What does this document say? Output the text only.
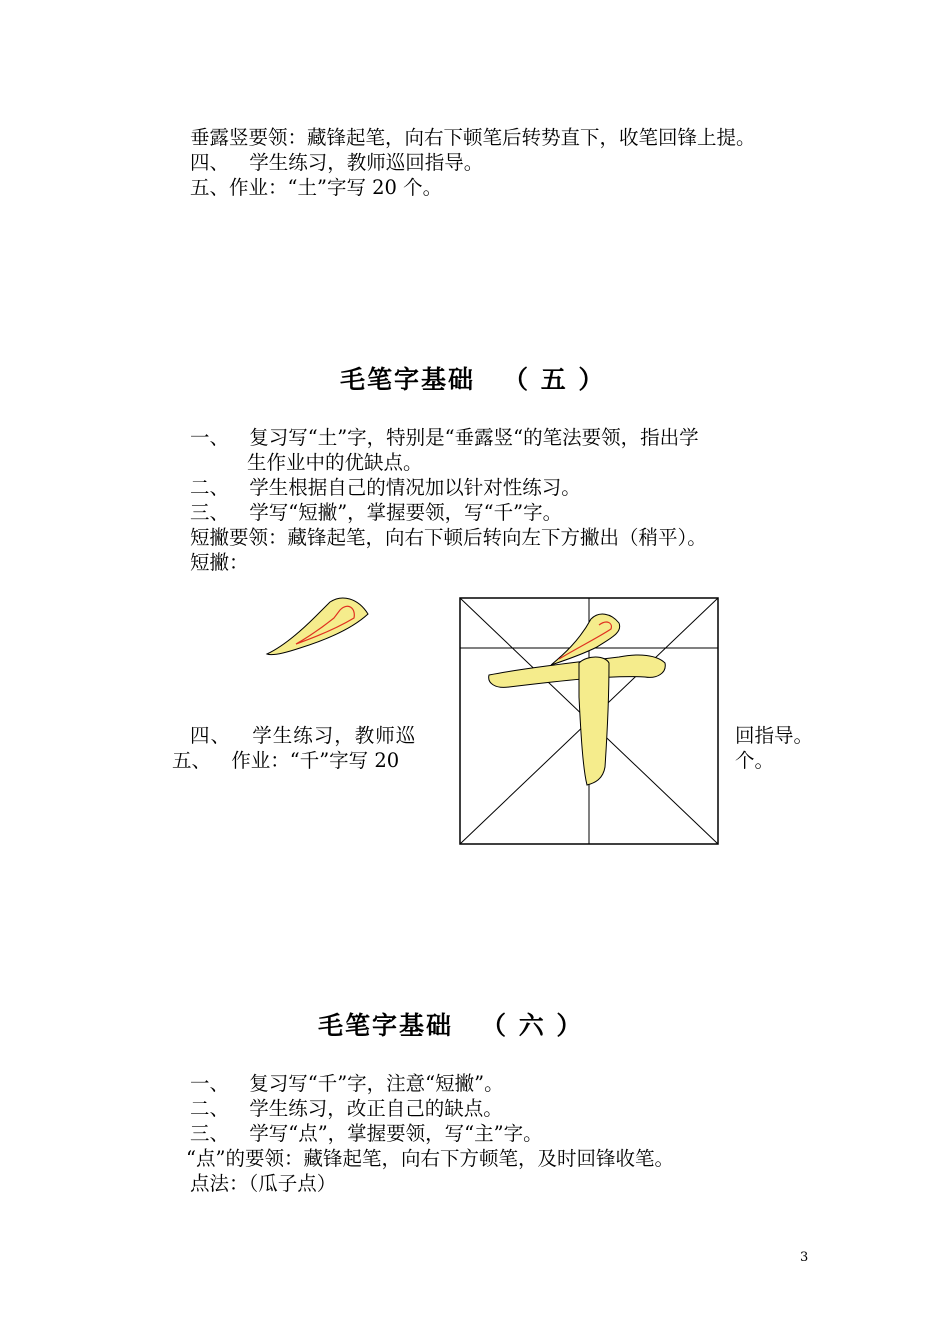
垂露竖要领：藏锋起笔，向右下顿笔后转势直下，收笔回锋上提。
四、 学生练习，教师巡回指导。
五、作业：“土”字写 20 个。
毛笔字基础 （ 五 ）
一、 复习写“土”字，特别是“垂露竖“的笔法要领，指出学
生作业中的优缺点。
二、 学生根据自己的情况加以针对性练习。
三、 学写“短撇”，掌握要领，写“千”字。
短撇要领：藏锋起笔，向右下顿后转向左下方撇出（稍平）。
短撇：
四、 学生练习，教师巡	回指导。
五、 作业：“千”字写 20	个。
毛笔字基础 （ 六 ）
一、 复习写“千”字，注意“短撇”。
二、 学生练习，改正自己的缺点。
三、 学写“点”，掌握要领，写“主”字。
“点”的要领：藏锋起笔，向右下方顿笔，及时回锋收笔。
点法：（瓜子点）
3
